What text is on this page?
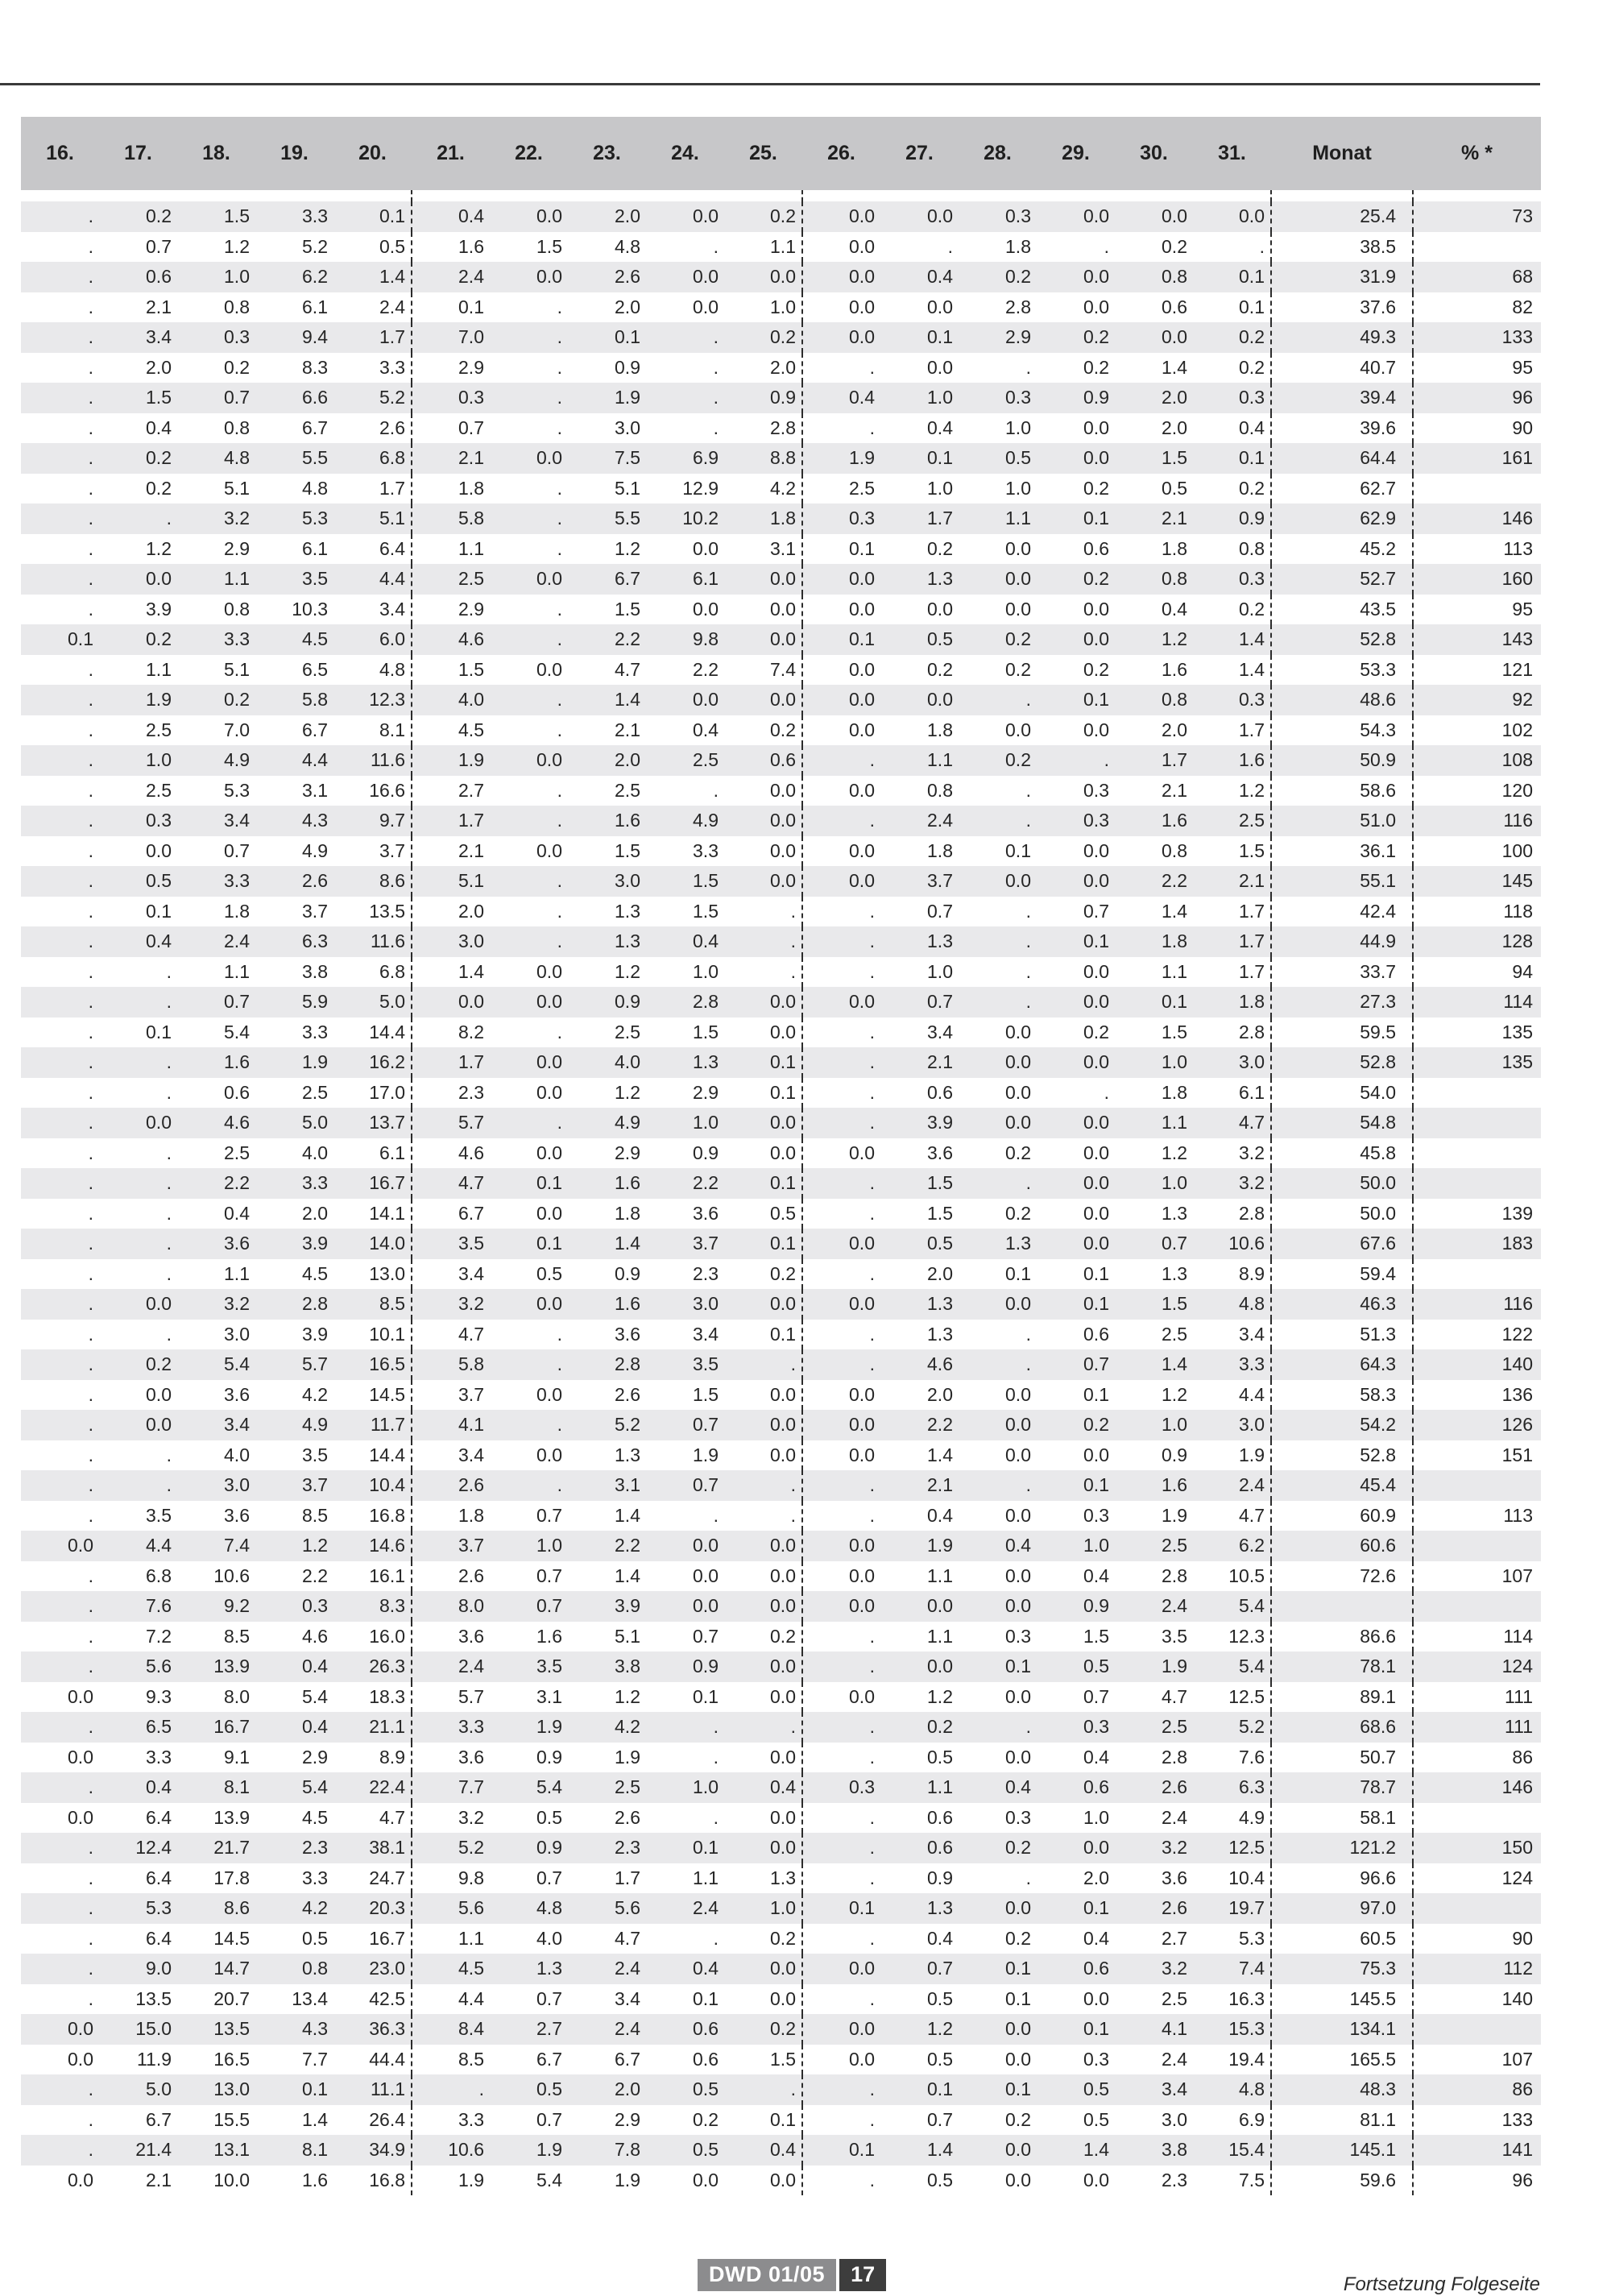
16.	17.	18.	19.	20.	21.	22.	23.	24.	25.	26.	27.	28.	29.	30.	31.	Monat	% *

.	0.2	1.5	3.3	0.1	0.4	0.0	2.0	0.0	0.2	0.0	0.0	0.3	0.0	0.0	0.0	25.4	73
.	0.7	1.2	5.2	0.5	1.6	1.5	4.8	.	1.1	0.0	.	1.8	.	0.2	.	38.5	
.	0.6	1.0	6.2	1.4	2.4	0.0	2.6	0.0	0.0	0.0	0.4	0.2	0.0	0.8	0.1	31.9	68
.	2.1	0.8	6.1	2.4	0.1	.	2.0	0.0	1.0	0.0	0.0	2.8	0.0	0.6	0.1	37.6	82
.	3.4	0.3	9.4	1.7	7.0	.	0.1	.	0.2	0.0	0.1	2.9	0.2	0.0	0.2	49.3	133
.	2.0	0.2	8.3	3.3	2.9	.	0.9	.	2.0	.	0.0	.	0.2	1.4	0.2	40.7	95
.	1.5	0.7	6.6	5.2	0.3	.	1.9	.	0.9	0.4	1.0	0.3	0.9	2.0	0.3	39.4	96
.	0.4	0.8	6.7	2.6	0.7	.	3.0	.	2.8	.	0.4	1.0	0.0	2.0	0.4	39.6	90
.	0.2	4.8	5.5	6.8	2.1	0.0	7.5	6.9	8.8	1.9	0.1	0.5	0.0	1.5	0.1	64.4	161
.	0.2	5.1	4.8	1.7	1.8	.	5.1	12.9	4.2	2.5	1.0	1.0	0.2	0.5	0.2	62.7	
.	.	3.2	5.3	5.1	5.8	.	5.5	10.2	1.8	0.3	1.7	1.1	0.1	2.1	0.9	62.9	146
.	1.2	2.9	6.1	6.4	1.1	.	1.2	0.0	3.1	0.1	0.2	0.0	0.6	1.8	0.8	45.2	113
.	0.0	1.1	3.5	4.4	2.5	0.0	6.7	6.1	0.0	0.0	1.3	0.0	0.2	0.8	0.3	52.7	160
.	3.9	0.8	10.3	3.4	2.9	.	1.5	0.0	0.0	0.0	0.0	0.0	0.0	0.4	0.2	43.5	95
0.1	0.2	3.3	4.5	6.0	4.6	.	2.2	9.8	0.0	0.1	0.5	0.2	0.0	1.2	1.4	52.8	143
.	1.1	5.1	6.5	4.8	1.5	0.0	4.7	2.2	7.4	0.0	0.2	0.2	0.2	1.6	1.4	53.3	121
.	1.9	0.2	5.8	12.3	4.0	.	1.4	0.0	0.0	0.0	0.0	.	0.1	0.8	0.3	48.6	92
.	2.5	7.0	6.7	8.1	4.5	.	2.1	0.4	0.2	0.0	1.8	0.0	0.0	2.0	1.7	54.3	102
.	1.0	4.9	4.4	11.6	1.9	0.0	2.0	2.5	0.6	.	1.1	0.2	.	1.7	1.6	50.9	108
.	2.5	5.3	3.1	16.6	2.7	.	2.5	.	0.0	0.0	0.8	.	0.3	2.1	1.2	58.6	120
.	0.3	3.4	4.3	9.7	1.7	.	1.6	4.9	0.0	.	2.4	.	0.3	1.6	2.5	51.0	116
.	0.0	0.7	4.9	3.7	2.1	0.0	1.5	3.3	0.0	0.0	1.8	0.1	0.0	0.8	1.5	36.1	100
.	0.5	3.3	2.6	8.6	5.1	.	3.0	1.5	0.0	0.0	3.7	0.0	0.0	2.2	2.1	55.1	145
.	0.1	1.8	3.7	13.5	2.0	.	1.3	1.5	.	.	0.7	.	0.7	1.4	1.7	42.4	118
.	0.4	2.4	6.3	11.6	3.0	.	1.3	0.4	.	.	1.3	.	0.1	1.8	1.7	44.9	128
.	.	1.1	3.8	6.8	1.4	0.0	1.2	1.0	.	.	1.0	.	0.0	1.1	1.7	33.7	94
.	.	0.7	5.9	5.0	0.0	0.0	0.9	2.8	0.0	0.0	0.7	.	0.0	0.1	1.8	27.3	114
.	0.1	5.4	3.3	14.4	8.2	.	2.5	1.5	0.0	.	3.4	0.0	0.2	1.5	2.8	59.5	135
.	.	1.6	1.9	16.2	1.7	0.0	4.0	1.3	0.1	.	2.1	0.0	0.0	1.0	3.0	52.8	135
.	.	0.6	2.5	17.0	2.3	0.0	1.2	2.9	0.1	.	0.6	0.0	.	1.8	6.1	54.0	
.	0.0	4.6	5.0	13.7	5.7	.	4.9	1.0	0.0	.	3.9	0.0	0.0	1.1	4.7	54.8	
.	.	2.5	4.0	6.1	4.6	0.0	2.9	0.9	0.0	0.0	3.6	0.2	0.0	1.2	3.2	45.8	
.	.	2.2	3.3	16.7	4.7	0.1	1.6	2.2	0.1	.	1.5	.	0.0	1.0	3.2	50.0	
.	.	0.4	2.0	14.1	6.7	0.0	1.8	3.6	0.5	.	1.5	0.2	0.0	1.3	2.8	50.0	139
.	.	3.6	3.9	14.0	3.5	0.1	1.4	3.7	0.1	0.0	0.5	1.3	0.0	0.7	10.6	67.6	183
.	.	1.1	4.5	13.0	3.4	0.5	0.9	2.3	0.2	.	2.0	0.1	0.1	1.3	8.9	59.4	
.	0.0	3.2	2.8	8.5	3.2	0.0	1.6	3.0	0.0	0.0	1.3	0.0	0.1	1.5	4.8	46.3	116
.	.	3.0	3.9	10.1	4.7	.	3.6	3.4	0.1	.	1.3	.	0.6	2.5	3.4	51.3	122
.	0.2	5.4	5.7	16.5	5.8	.	2.8	3.5	.	.	4.6	.	0.7	1.4	3.3	64.3	140
.	0.0	3.6	4.2	14.5	3.7	0.0	2.6	1.5	0.0	0.0	2.0	0.0	0.1	1.2	4.4	58.3	136
.	0.0	3.4	4.9	11.7	4.1	.	5.2	0.7	0.0	0.0	2.2	0.0	0.2	1.0	3.0	54.2	126
.	.	4.0	3.5	14.4	3.4	0.0	1.3	1.9	0.0	0.0	1.4	0.0	0.0	0.9	1.9	52.8	151
.	.	3.0	3.7	10.4	2.6	.	3.1	0.7	.	.	2.1	.	0.1	1.6	2.4	45.4	
.	3.5	3.6	8.5	16.8	1.8	0.7	1.4	.	.	.	0.4	0.0	0.3	1.9	4.7	60.9	113
0.0	4.4	7.4	1.2	14.6	3.7	1.0	2.2	0.0	0.0	0.0	1.9	0.4	1.0	2.5	6.2	60.6	
.	6.8	10.6	2.2	16.1	2.6	0.7	1.4	0.0	0.0	0.0	1.1	0.0	0.4	2.8	10.5	72.6	107
.	7.6	9.2	0.3	8.3	8.0	0.7	3.9	0.0	0.0	0.0	0.0	0.0	0.9	2.4	5.4		
.	7.2	8.5	4.6	16.0	3.6	1.6	5.1	0.7	0.2	.	1.1	0.3	1.5	3.5	12.3	86.6	114
.	5.6	13.9	0.4	26.3	2.4	3.5	3.8	0.9	0.0	.	0.0	0.1	0.5	1.9	5.4	78.1	124
0.0	9.3	8.0	5.4	18.3	5.7	3.1	1.2	0.1	0.0	0.0	1.2	0.0	0.7	4.7	12.5	89.1	111
.	6.5	16.7	0.4	21.1	3.3	1.9	4.2	.	.	.	0.2	.	0.3	2.5	5.2	68.6	111
0.0	3.3	9.1	2.9	8.9	3.6	0.9	1.9	.	0.0	.	0.5	0.0	0.4	2.8	7.6	50.7	86
.	0.4	8.1	5.4	22.4	7.7	5.4	2.5	1.0	0.4	0.3	1.1	0.4	0.6	2.6	6.3	78.7	146
0.0	6.4	13.9	4.5	4.7	3.2	0.5	2.6	.	0.0	.	0.6	0.3	1.0	2.4	4.9	58.1	
.	12.4	21.7	2.3	38.1	5.2	0.9	2.3	0.1	0.0	.	0.6	0.2	0.0	3.2	12.5	121.2	150
.	6.4	17.8	3.3	24.7	9.8	0.7	1.7	1.1	1.3	.	0.9	.	2.0	3.6	10.4	96.6	124
.	5.3	8.6	4.2	20.3	5.6	4.8	5.6	2.4	1.0	0.1	1.3	0.0	0.1	2.6	19.7	97.0	
.	6.4	14.5	0.5	16.7	1.1	4.0	4.7	.	0.2	.	0.4	0.2	0.4	2.7	5.3	60.5	90
.	9.0	14.7	0.8	23.0	4.5	1.3	2.4	0.4	0.0	0.0	0.7	0.1	0.6	3.2	7.4	75.3	112
.	13.5	20.7	13.4	42.5	4.4	0.7	3.4	0.1	0.0	.	0.5	0.1	0.0	2.5	16.3	145.5	140
0.0	15.0	13.5	4.3	36.3	8.4	2.7	2.4	0.6	0.2	0.0	1.2	0.0	0.1	4.1	15.3	134.1	
0.0	11.9	16.5	7.7	44.4	8.5	6.7	6.7	0.6	1.5	0.0	0.5	0.0	0.3	2.4	19.4	165.5	107
.	5.0	13.0	0.1	11.1	.	0.5	2.0	0.5	.	.	0.1	0.1	0.5	3.4	4.8	48.3	86
.	6.7	15.5	1.4	26.4	3.3	0.7	2.9	0.2	0.1	.	0.7	0.2	0.5	3.0	6.9	81.1	133
.	21.4	13.1	8.1	34.9	10.6	1.9	7.8	0.5	0.4	0.1	1.4	0.0	1.4	3.8	15.4	145.1	141
0.0	2.1	10.0	1.6	16.8	1.9	5.4	1.9	0.0	0.0	.	0.5	0.0	0.0	2.3	7.5	59.6	96
DWD 01/05	17	Fortsetzung Folgeseite
